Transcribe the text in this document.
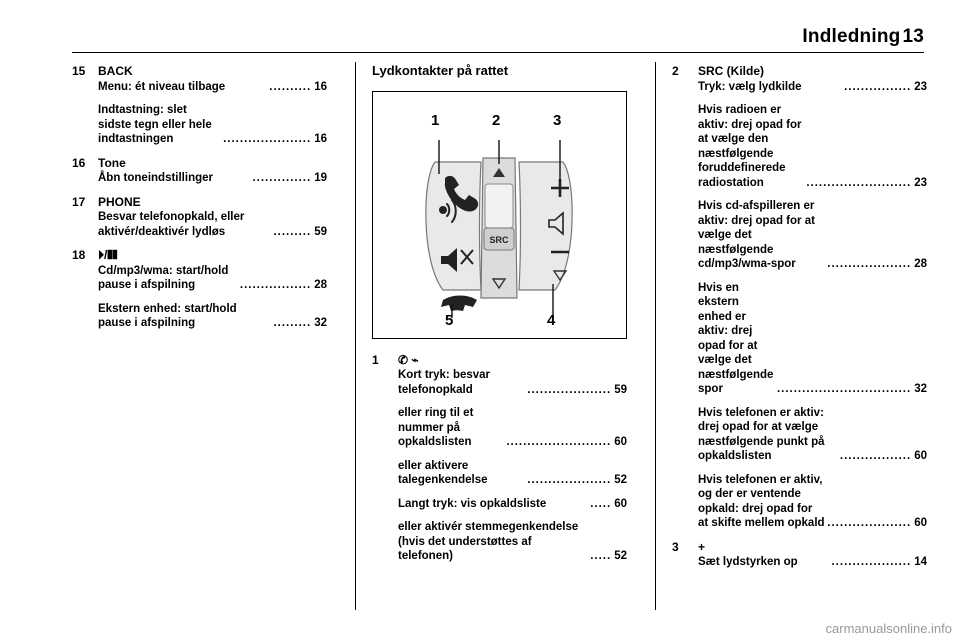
Indledning 13
15	BACK
Menu: ét niveau tilbage	.......... 16
Indtastning: slet sidste tegn eller hele indtastningen	..................... 16
16	Tone
Åbn toneindstillinger	.............. 19
17	PHONE
Besvar telefonopkald, eller aktivér/deaktivér lydløs	......... 59
18	⏵/❚❚
Cd/mp3/wma: start/hold pause i afspilning	................. 28
Ekstern enhed: start/hold pause i afspilning	......... 32
Lydkontakter på rattet
SRC
1	2	3
5	4
1	✆ ⌁
Kort tryk: besvar telefonopkald	.................... 59
eller ring til et nummer på opkaldslisten	......................... 60
eller aktivere talegenkendelse	.................... 52
Langt tryk: vis opkaldsliste	..... 60
eller aktivér stemmegenkendelse (hvis det understøttes af telefonen)	..... 52
2	SRC (Kilde)
Tryk: vælg lydkilde	................ 23
Hvis radioen er aktiv: drej opad for at vælge den næstfølgende foruddefinerede radiostation	......................... 23
Hvis cd-afspilleren er aktiv: drej opad for at vælge det næstfølgende cd/mp3/wma-spor	.................... 28
Hvis en ekstern enhed er aktiv: drej opad for at vælge det næstfølgende spor	................................ 32
Hvis telefonen er aktiv: drej opad for at vælge næstfølgende punkt på opkaldslisten	................. 60
Hvis telefonen er aktiv, og der er ventende opkald: drej opad for at skifte mellem opkald .................... 60
3	+
Sæt lydstyrken op	................... 14
carmanualsonline.info
